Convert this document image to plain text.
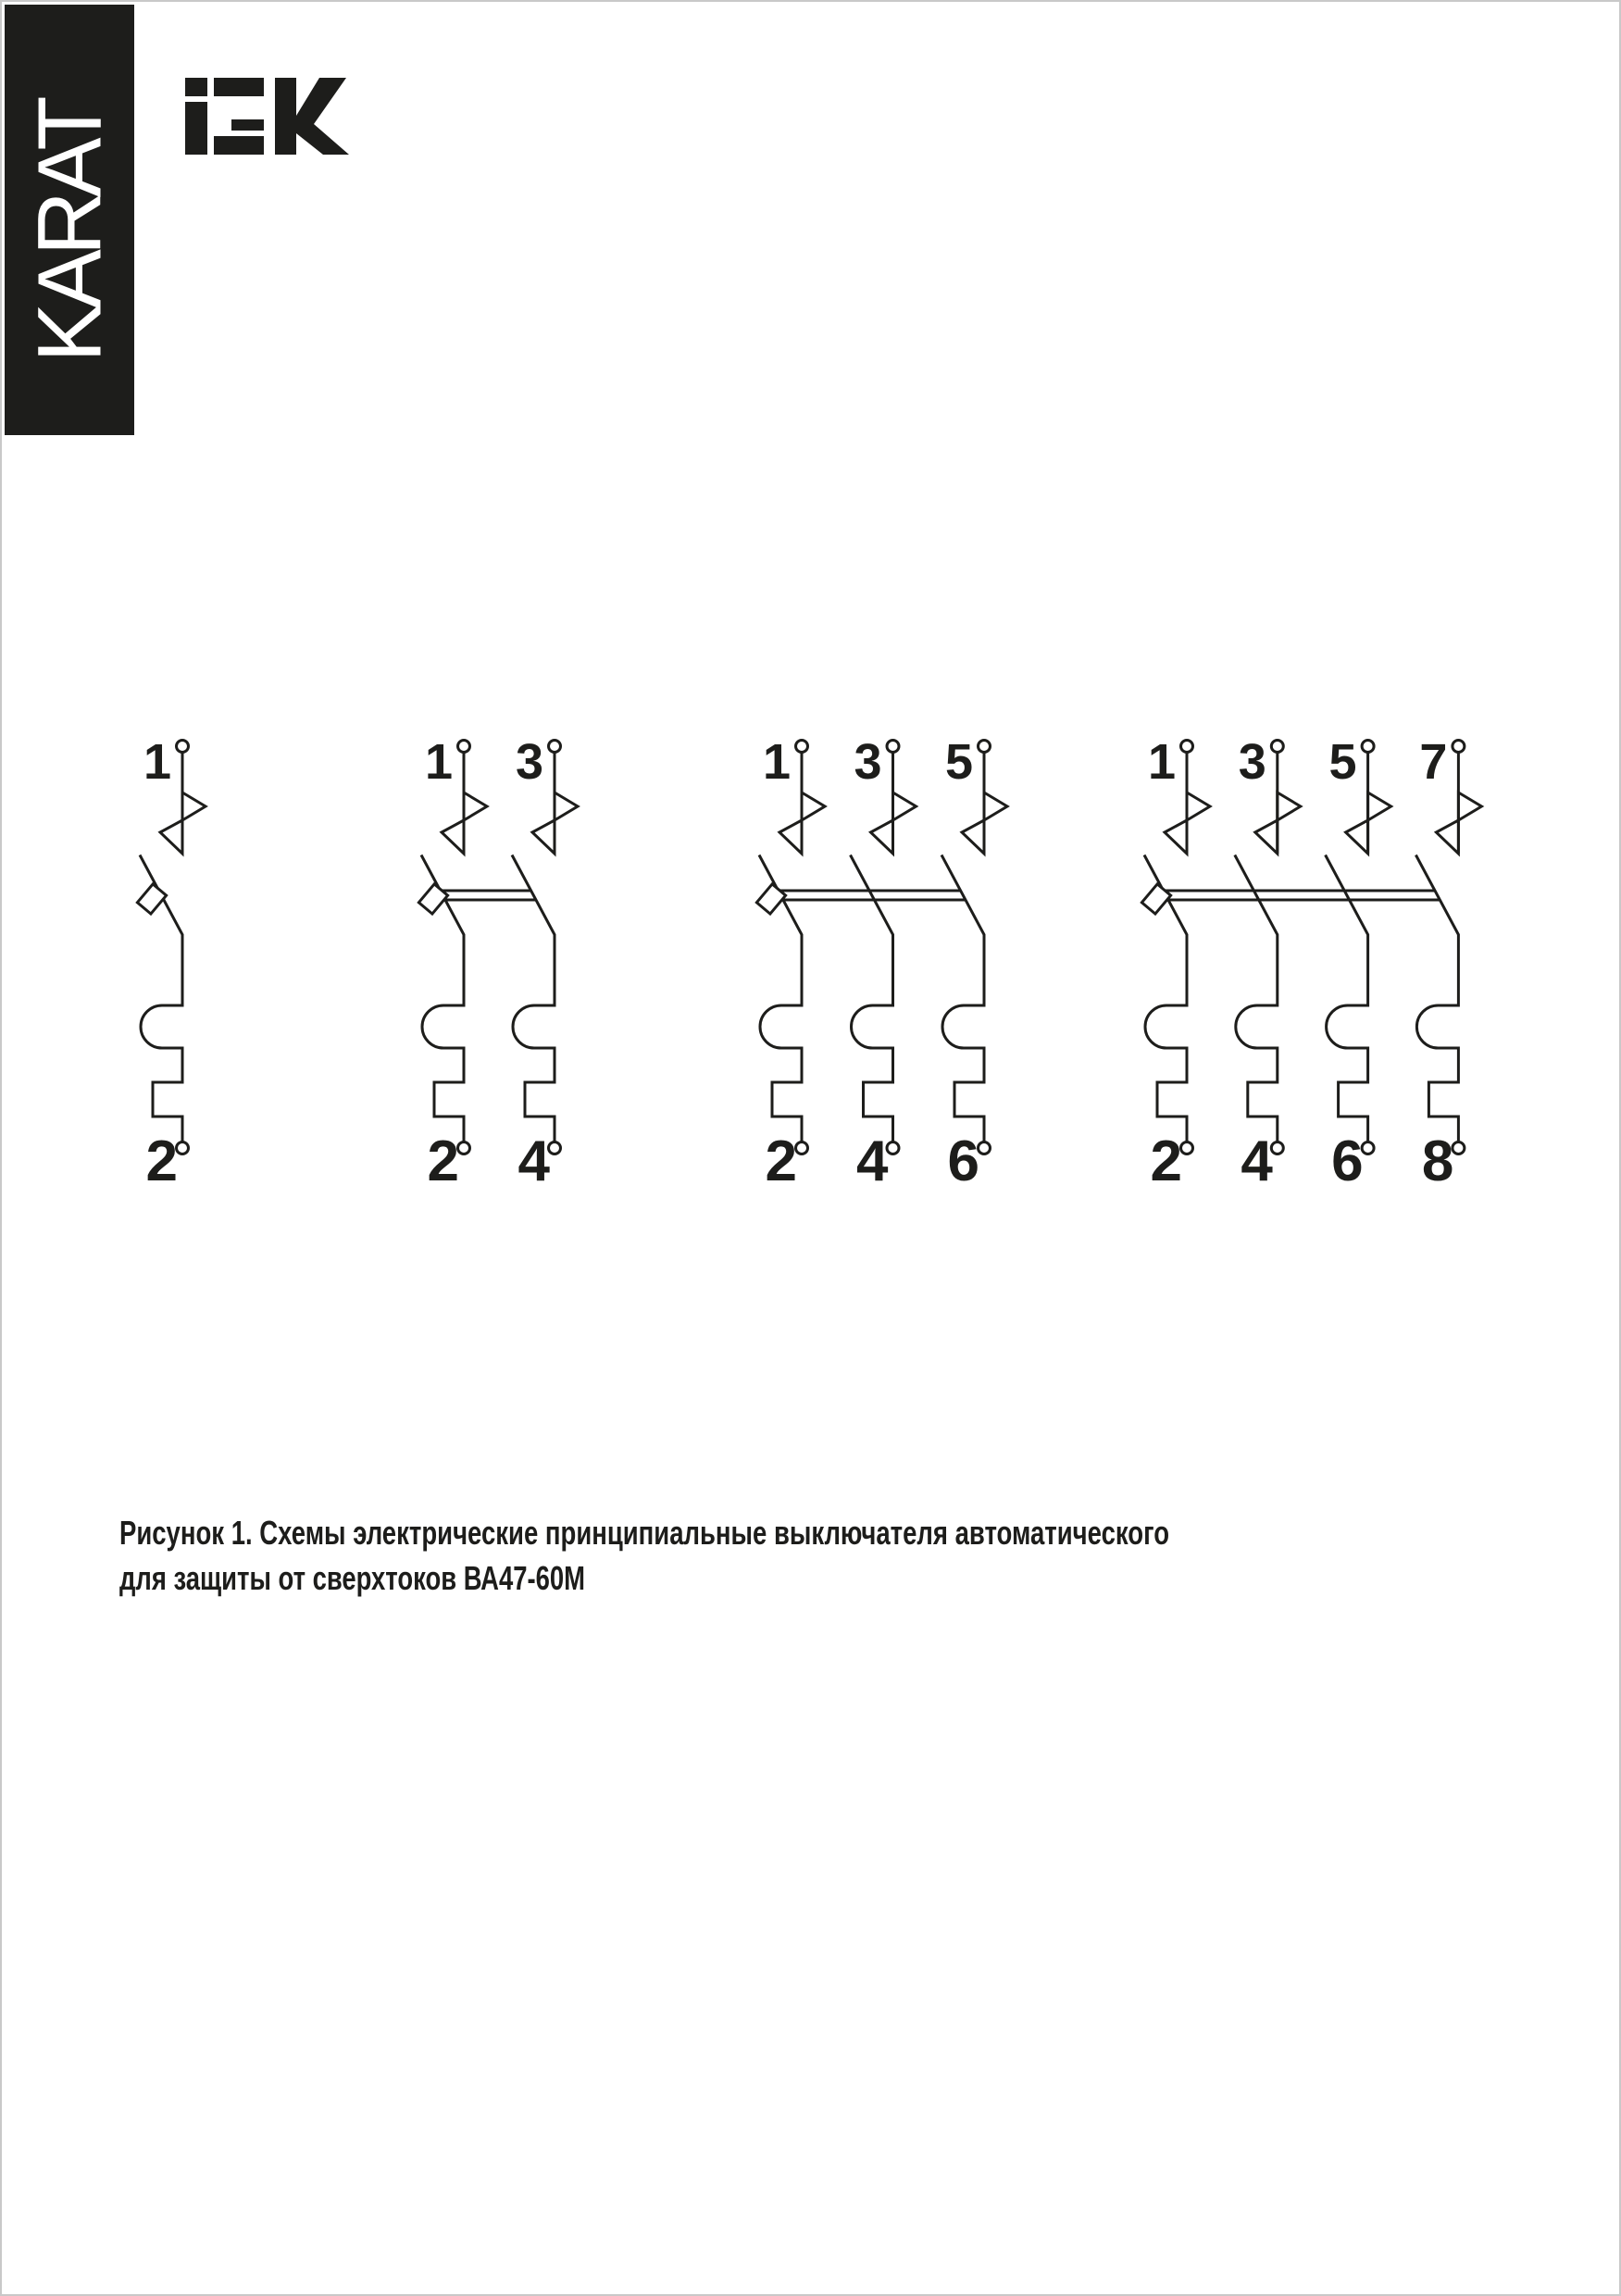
KARAT
1
2
1
2
3
4
1
2
3
4
5
6
1
2
3
4
5
6
7
8
Рисунок 1. Схемы электрические принципиальные выключателя автоматического
для защиты от сверхтоков ВА47-60М
